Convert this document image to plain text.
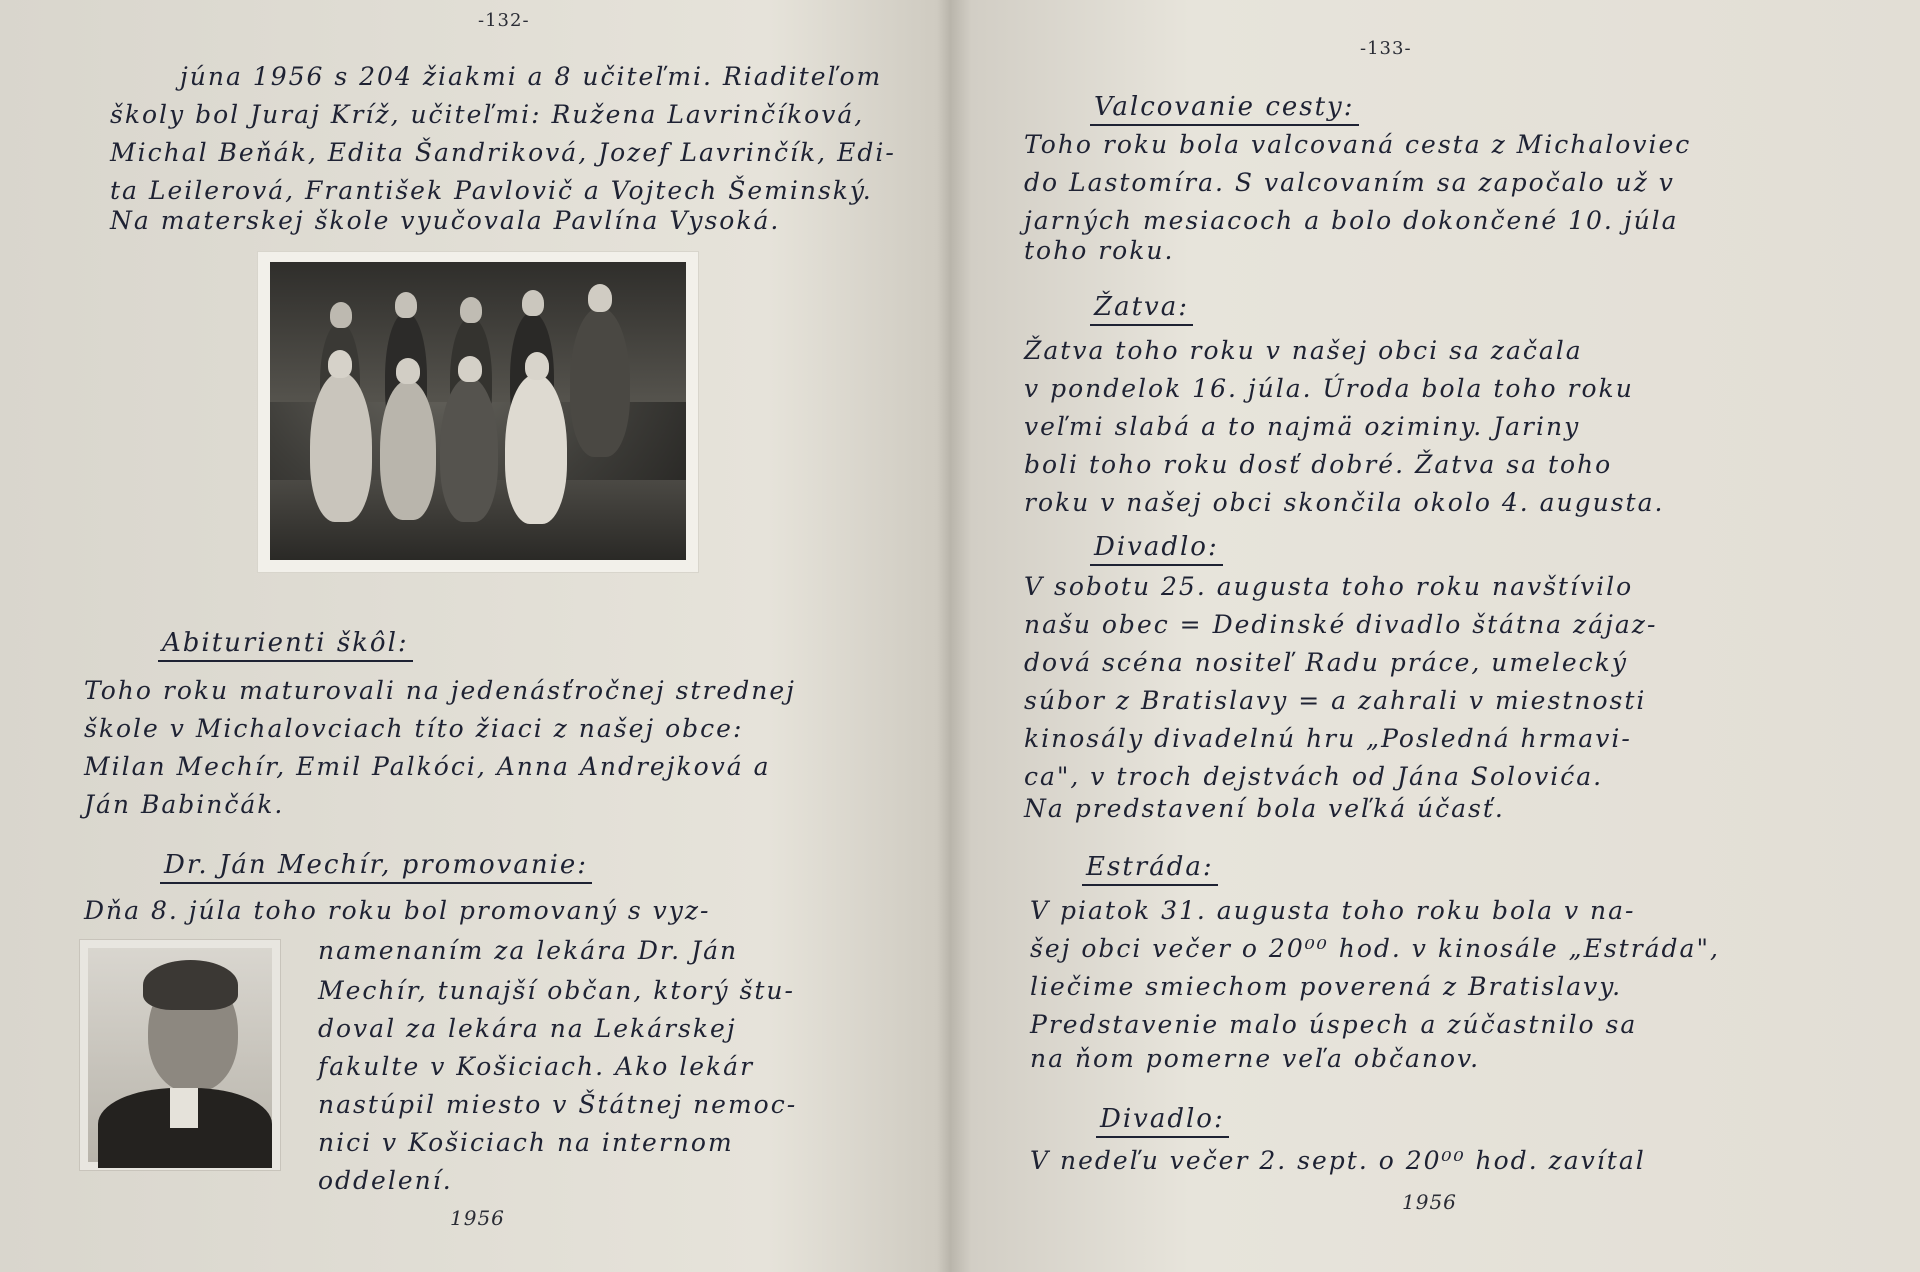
-132-
júna 1956 s 204 žiakmi a 8 učiteľmi. Riaditeľom
školy bol Juraj Kríž, učiteľmi: Ružena Lavrinčíková,
Michal Beňák, Edita Šandriková, Jozef Lavrinčík, Edi-
ta Leilerová, František Pavlovič a Vojtech Šeminský.
Na materskej škole vyučovala Pavlína Vysoká.
Abiturienti škôl:
Toho roku maturovali na jedenásťročnej strednej
škole v Michalovciach títo žiaci z našej obce:
Milan Mechír, Emil Palkóci, Anna Andrejková a
Ján Babinčák.
Dr. Ján Mechír, promovanie:
Dňa 8. júla toho roku bol promovaný s vyz-
namenaním za lekára Dr. Ján
Mechír, tunajší občan, ktorý štu-
doval za lekára na Lekárskej
fakulte v Košiciach. Ako lekár
nastúpil miesto v Štátnej nemoc-
nici v Košiciach na internom
oddelení.
1956
-133-
Valcovanie cesty:
Toho roku bola valcovaná cesta z Michaloviec
do Lastomíra. S valcovaním sa započalo už v
jarných mesiacoch a bolo dokončené 10. júla
toho roku.
Žatva:
Žatva toho roku v našej obci sa začala
v pondelok 16. júla. Úroda bola toho roku
veľmi slabá a to najmä oziminy. Jariny
boli toho roku dosť dobré. Žatva sa toho
roku v našej obci skončila okolo 4. augusta.
Divadlo:
V sobotu 25. augusta toho roku navštívilo
našu obec = Dedinské divadlo štátna zájaz-
dová scéna nositeľ Radu práce, umelecký
súbor z Bratislavy = a zahrali v miestnosti
kinosály divadelnú hru „Posledná hrmavi-
ca", v troch dejstvách od Jána Solovića.
Na predstavení bola veľká účasť.
Estráda:
V piatok 31. augusta toho roku bola v na-
šej obci večer o 20⁰⁰ hod. v kinosále „Estráda",
liečime smiechom poverená z Bratislavy.
Predstavenie malo úspech a zúčastnilo sa
na ňom pomerne veľa občanov.
Divadlo:
V nedeľu večer 2. sept. o 20⁰⁰ hod. zavítal
1956
